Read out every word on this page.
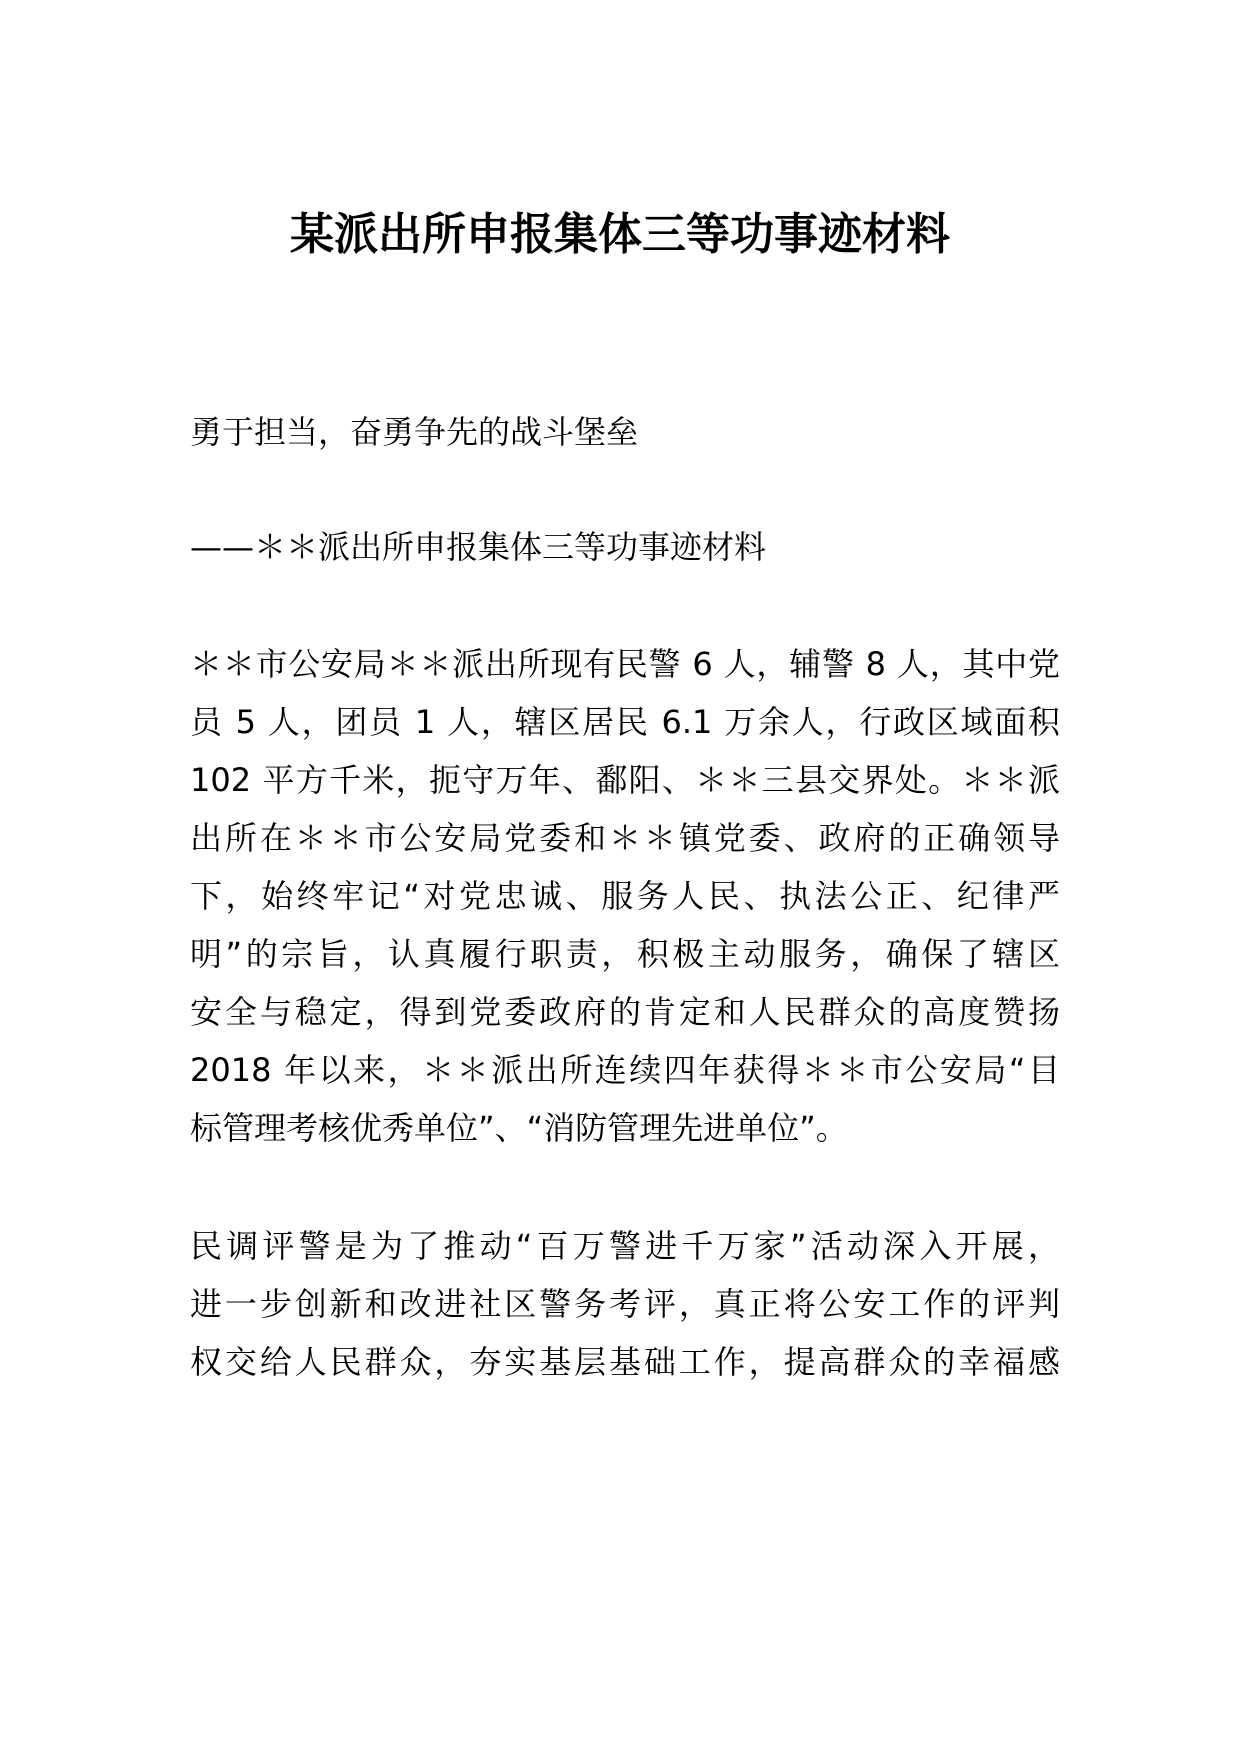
某派出所申报集体三等功事迹材料

勇于担当，奋勇争先的战斗堡垒

——＊＊派出所申报集体三等功事迹材料

＊＊市公安局＊＊派出所现有民警 6 人，辅警 8 人，其中党

员 5 人，团员 1 人，辖区居民 6.1 万余人，行政区域面积

102 平方千米，扼守万年、鄱阳、＊＊三县交界处。＊＊派

出所在＊＊市公安局党委和＊＊镇党委、政府的正确领导

下，始终牢记“对党忠诚、服务人民、执法公正、纪律严

明”的宗旨，认真履行职责，积极主动服务，确保了辖区

安全与稳定，得到党委政府的肯定和人民群众的高度赞扬

2018 年以来，＊＊派出所连续四年获得＊＊市公安局“目

标管理考核优秀单位”、“消防管理先进单位”。

民调评警是为了推动“百万警进千万家”活动深入开展，

进一步创新和改进社区警务考评，真正将公安工作的评判

权交给人民群众，夯实基层基础工作，提高群众的幸福感
